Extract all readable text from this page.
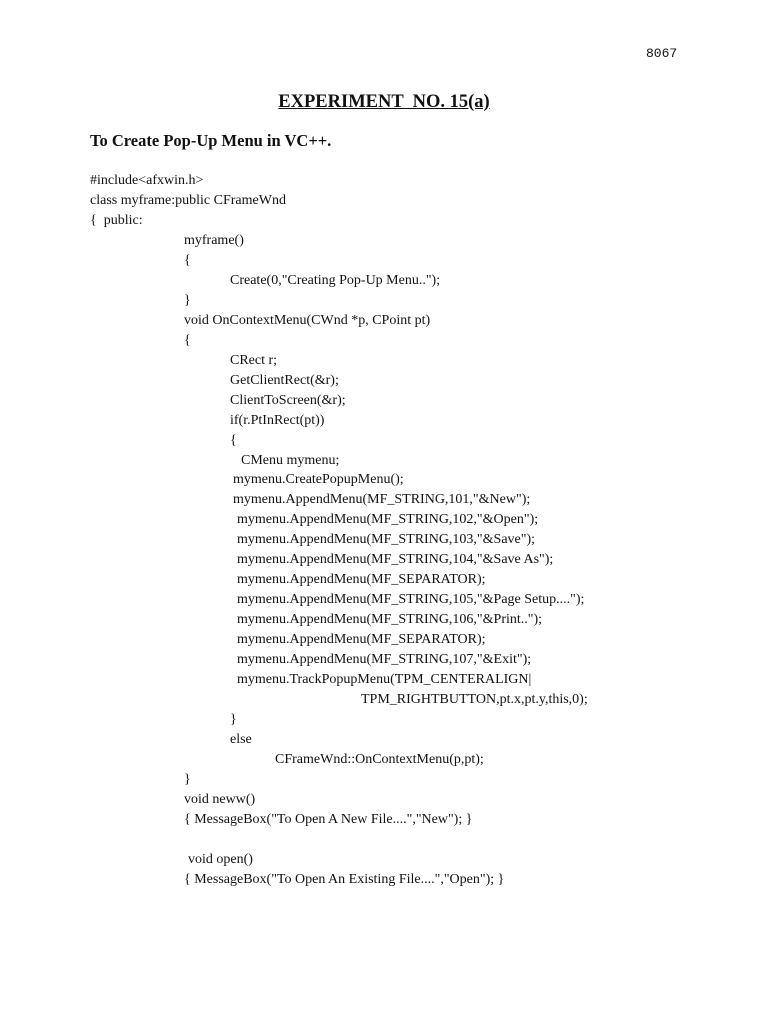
8067
EXPERIMENT  NO. 15(a)
To Create Pop-Up Menu in VC++.
#include<afxwin.h>
class myframe:public CFrameWnd
{  public:
myframe()
{
Create(0,"Creating Pop-Up Menu..");
}
void OnContextMenu(CWnd *p, CPoint pt)
{
CRect r;
GetClientRect(&r);
ClientToScreen(&r);
if(r.PtInRect(pt))
{
CMenu mymenu;
mymenu.CreatePopupMenu();
mymenu.AppendMenu(MF_STRING,101,"&New");
mymenu.AppendMenu(MF_STRING,102,"&Open");
mymenu.AppendMenu(MF_STRING,103,"&Save");
mymenu.AppendMenu(MF_STRING,104,"&Save As");
mymenu.AppendMenu(MF_SEPARATOR);
mymenu.AppendMenu(MF_STRING,105,"&Page Setup....");
mymenu.AppendMenu(MF_STRING,106,"&Print..");
mymenu.AppendMenu(MF_SEPARATOR);
mymenu.AppendMenu(MF_STRING,107,"&Exit");
mymenu.TrackPopupMenu(TPM_CENTERALIGN|
TPM_RIGHTBUTTON,pt.x,pt.y,this,0);
}
else
CFrameWnd::OnContextMenu(p,pt);
}
void neww()
{ MessageBox("To Open A New File....","New"); }
void open()
{ MessageBox("To Open An Existing File....","Open"); }
